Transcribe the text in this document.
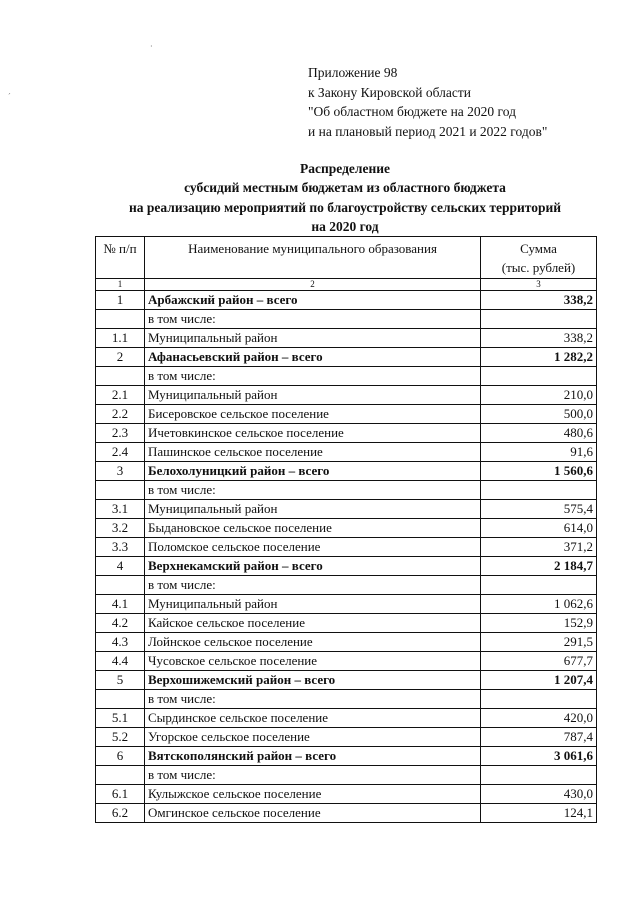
ˊ
·
Приложение 98
к Закону Кировской области
"Об областном бюджете на 2020 год
и на плановый период 2021 и 2022 годов"
Распределение
субсидий местным бюджетам из областного бюджета
на реализацию мероприятий по благоустройству сельских территорий
на 2020 год
№ п/п	Наименование муниципального образования	Сумма
(тыс. рублей)

1	2	3
1	Арбажский район – всего	338,2
	в том числе:	
1.1	Муниципальный район	338,2
2	Афанасьевский район – всего	1 282,2
	в том числе:	
2.1	Муниципальный район	210,0
2.2	Бисеровское сельское поселение	500,0
2.3	Ичетовкинское сельское поселение	480,6
2.4	Пашинское сельское поселение	91,6
3	Белохолуницкий район – всего	1 560,6
	в том числе:	
3.1	Муниципальный район	575,4
3.2	Быдановское сельское поселение	614,0
3.3	Поломское сельское поселение	371,2
4	Верхнекамский район – всего	2 184,7
	в том числе:	
4.1	Муниципальный район	1 062,6
4.2	Кайское сельское поселение	152,9
4.3	Лойнское сельское поселение	291,5
4.4	Чусовское сельское поселение	677,7
5	Верхошижемский район – всего	1 207,4
	в том числе:	
5.1	Сырдинское сельское поселение	420,0
5.2	Угорское сельское поселение	787,4
6	Вятскополянский район – всего	3 061,6
	в том числе:	
6.1	Кулыжское сельское поселение	430,0
6.2	Омгинское сельское поселение	124,1
